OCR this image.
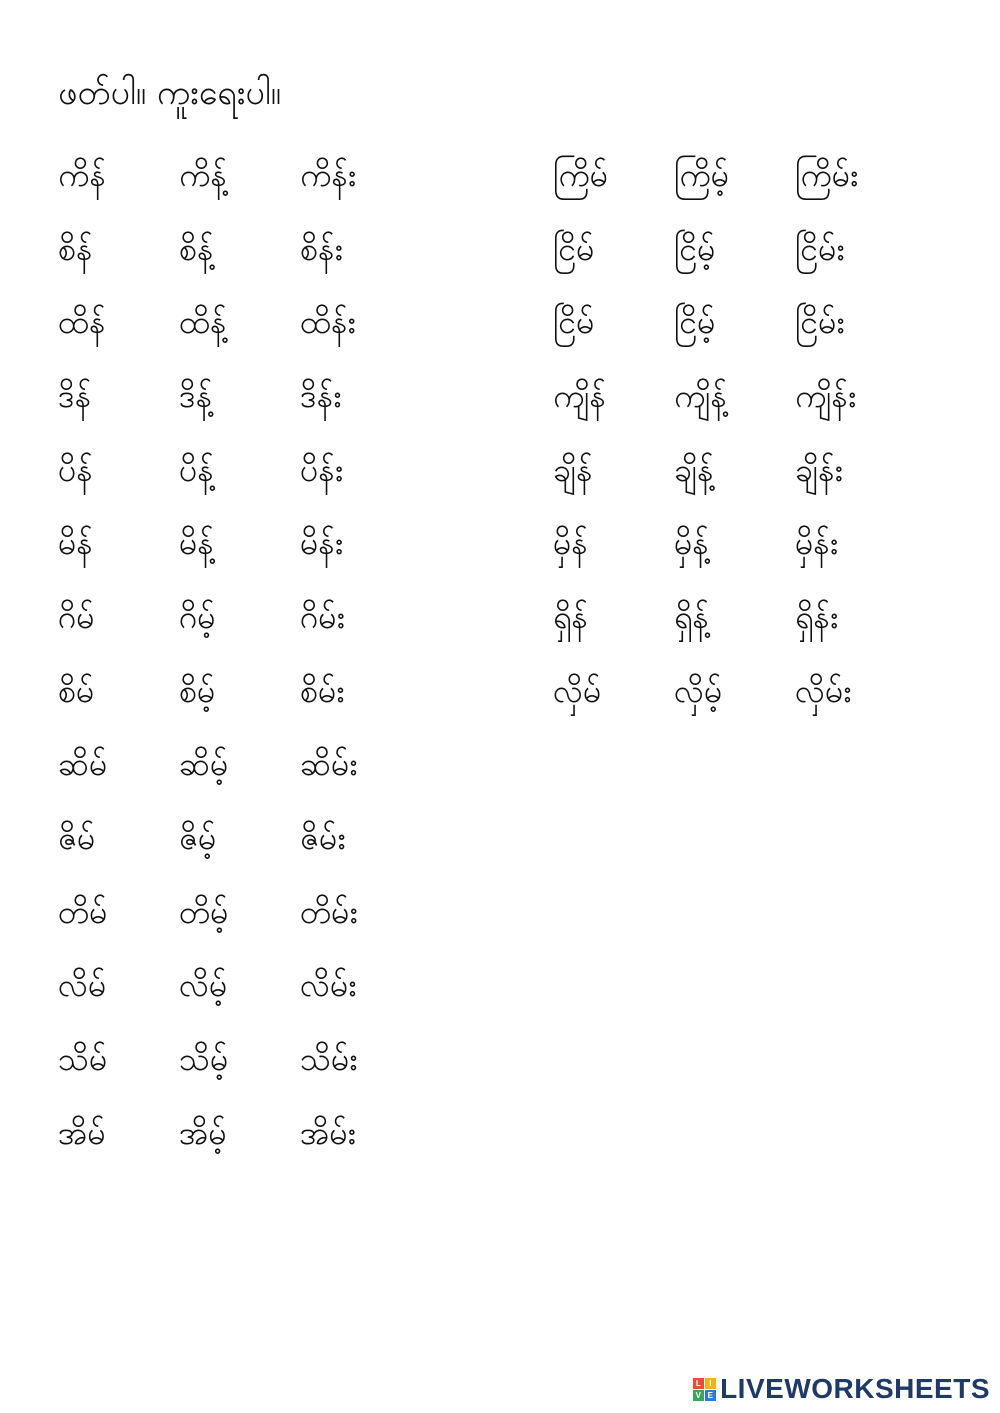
ဖတ်ပါ။ ကူးရေးပါ။
ကိန်	ကိန့်	ကိန်း
စိန်	စိန့်	စိန်း
ထိန်	ထိန့်	ထိန်း
ဒိန်	ဒိန့်	ဒိန်း
ပိန်	ပိန့်	ပိန်း
မိန်	မိန့်	မိန်း
ဂိမ်	ဂိမ့်	ဂိမ်း
စိမ်	စိမ့်	စိမ်း
ဆိမ်	ဆိမ့်	ဆိမ်း
ဇိမ်	ဇိမ့်	ဇိမ်း
တိမ်	တိမ့်	တိမ်း
လိမ်	လိမ့်	လိမ်း
သိမ်	သိမ့်	သိမ်း
အိမ်	အိမ့်	အိမ်း
ကြိမ်	ကြိမ့်	ကြိမ်း
ငြိမ်	ငြိမ့်	ငြိမ်း
ငြိမ်	ငြိမ့်	ငြိမ်း
ကျိန်	ကျိန့်	ကျိန်း
ချိန်	ချိန့်	ချိန်း
မှိန်	မှိန့်	မှိန်း
ရှိန်	ရှိန့်	ရှိန်း
လှိမ်	လှိမ့်	လှိမ်း
L I
V E LIVEWORKSHEETS
